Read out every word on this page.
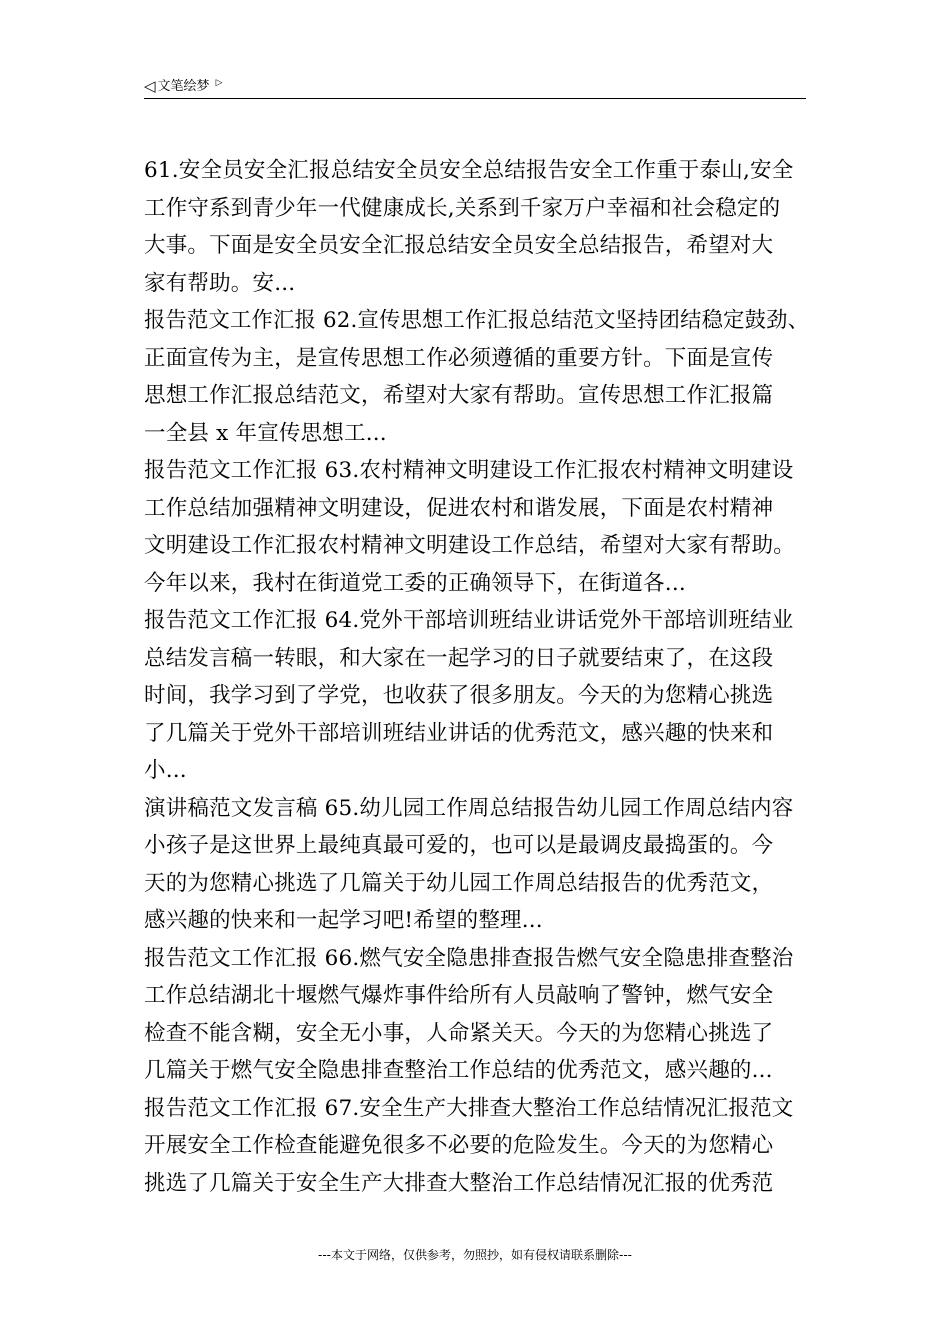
◁ 文笔绘梦 ▷
61.安全员安全汇报总结安全员安全总结报告安全工作重于泰山,安全
工作守系到青少年一代健康成长,关系到千家万户幸福和社会稳定的
大事。下面是安全员安全汇报总结安全员安全总结报告，希望对大
家有帮助。安...
报告范文工作汇报 62.宣传思想工作汇报总结范文坚持团结稳定鼓劲、
正面宣传为主，是宣传思想工作必须遵循的重要方针。下面是宣传
思想工作汇报总结范文，希望对大家有帮助。宣传思想工作汇报篇
一全县 x 年宣传思想工...
报告范文工作汇报 63.农村精神文明建设工作汇报农村精神文明建设
工作总结加强精神文明建设，促进农村和谐发展，下面是农村精神
文明建设工作汇报农村精神文明建设工作总结，希望对大家有帮助。
今年以来，我村在街道党工委的正确领导下，在街道各...
报告范文工作汇报 64.党外干部培训班结业讲话党外干部培训班结业
总结发言稿一转眼，和大家在一起学习的日子就要结束了，在这段
时间，我学习到了学党，也收获了很多朋友。今天的为您精心挑选
了几篇关于党外干部培训班结业讲话的优秀范文，感兴趣的快来和
小...
演讲稿范文发言稿 65.幼儿园工作周总结报告幼儿园工作周总结内容
小孩子是这世界上最纯真最可爱的，也可以是最调皮最捣蛋的。今
天的为您精心挑选了几篇关于幼儿园工作周总结报告的优秀范文，
感兴趣的快来和一起学习吧!希望的整理...
报告范文工作汇报 66.燃气安全隐患排查报告燃气安全隐患排查整治
工作总结湖北十堰燃气爆炸事件给所有人员敲响了警钟，燃气安全
检查不能含糊，安全无小事，人命紧关天。今天的为您精心挑选了
几篇关于燃气安全隐患排查整治工作总结的优秀范文，感兴趣的...
报告范文工作汇报 67.安全生产大排查大整治工作总结情况汇报范文
开展安全工作检查能避免很多不必要的危险发生。今天的为您精心
挑选了几篇关于安全生产大排查大整治工作总结情况汇报的优秀范
---本文于网络，仅供参考，勿照抄，如有侵权请联系删除---
